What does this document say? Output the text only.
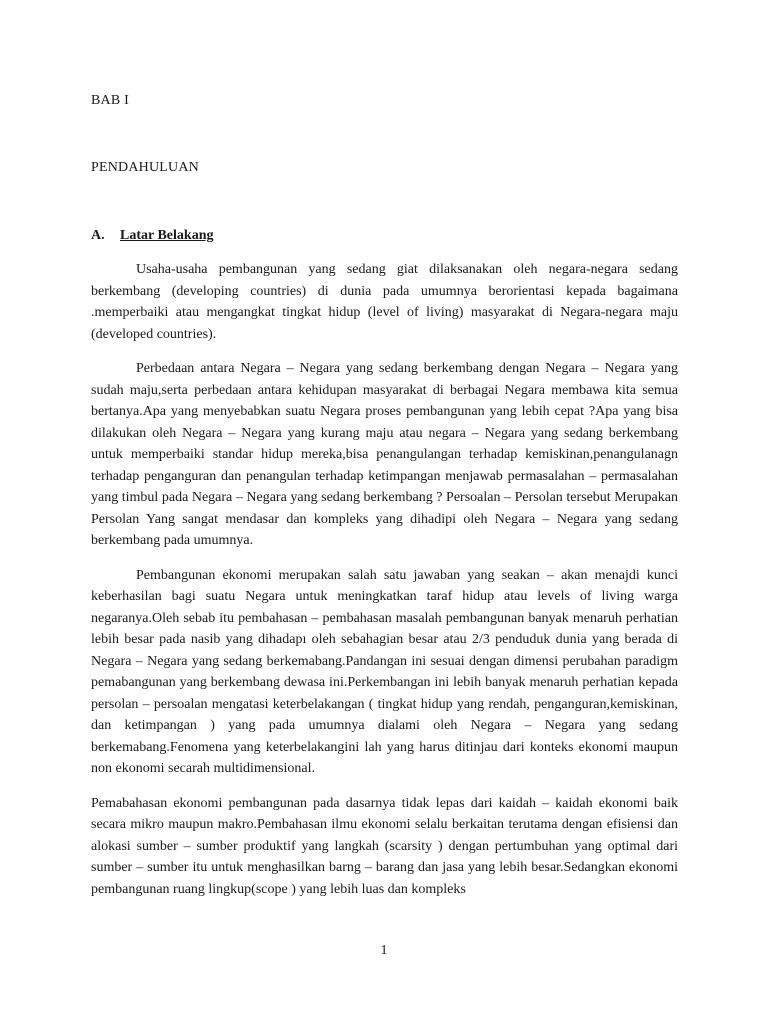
BAB I
PENDAHULUAN
A. Latar Belakang

Usaha-usaha pembangunan yang sedang giat dilaksanakan oleh negara-negara sedang berkembang (developing countries) di dunia pada umumnya berorientasi kepada bagaimana .memperbaiki atau mengangkat tingkat hidup (level of living) masyarakat di Negara-negara maju (developed countries).

Perbedaan antara Negara – Negara yang sedang berkembang dengan Negara – Negara yang sudah maju,serta perbedaan antara kehidupan masyarakat di berbagai Negara membawa kita semua bertanya.Apa yang menyebabkan suatu Negara proses pembangunan yang lebih cepat ?Apa yang bisa dilakukan oleh Negara – Negara yang kurang maju atau negara – Negara yang sedang berkembang untuk memperbaiki standar hidup mereka,bisa penangulangan terhadap kemiskinan,penangulanagn terhadap penganguran dan penangulan terhadap ketimpangan menjawab permasalahan – permasalahan yang timbul pada Negara – Negara yang sedang berkembang ? Persoalan – Persolan tersebut Merupakan Persolan Yang sangat mendasar dan kompleks yang dihadipi oleh Negara – Negara yang sedang berkembang pada umumnya.

Pembangunan ekonomi merupakan salah satu jawaban yang seakan – akan menajdi kunci keberhasilan bagi suatu Negara untuk meningkatkan taraf hidup atau levels of living warga negaranya.Oleh sebab itu pembahasan – pembahasan masalah pembangunan banyak menaruh perhatian lebih besar pada nasib yang dihadapı oleh sebahagian besar atau 2/3 penduduk dunia yang berada di Negara – Negara yang sedang berkemabang.Pandangan ini sesuai dengan dimensi perubahan paradigm pemabangunan yang berkembang dewasa ini.Perkembangan ini lebih banyak menaruh perhatian kepada persolan – persoalan mengatasi keterbelakangan ( tingkat hidup yang rendah, penganguran,kemiskinan, dan ketimpangan ) yang pada umumnya dialami oleh Negara – Negara yang sedang berkemabang.Fenomena yang keterbelakangini lah yang harus ditinjau dari konteks ekonomi maupun non ekonomi secarah multidimensional.

Pemabahasan ekonomi pembangunan pada dasarnya tidak lepas dari kaidah – kaidah ekonomi baik secara mikro maupun makro.Pembahasan ilmu ekonomi selalu berkaitan terutama dengan efisiensi dan alokasi sumber – sumber produktif yang langkah (scarsity ) dengan pertumbuhan yang optimal dari sumber – sumber itu untuk menghasilkan barng – barang dan jasa yang lebih besar.Sedangkan ekonomi pembangunan ruang lingkup(scope ) yang lebih luas dan kompleks

1
